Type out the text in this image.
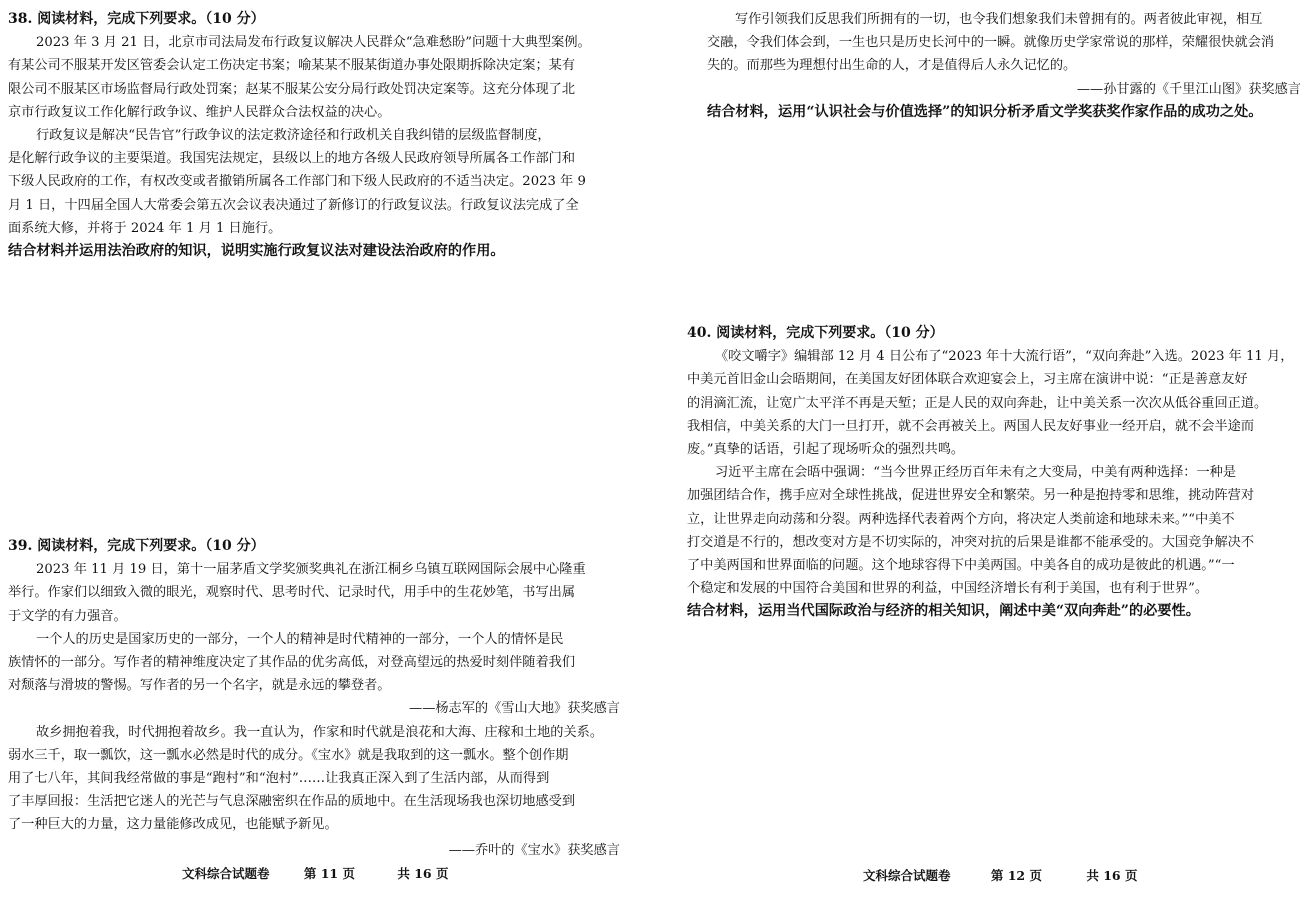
38. 阅读材料，完成下列要求。（10 分）

2023 年 3 月 21 日，北京市司法局发布行政复议解决人民群众“急难愁盼”问题十大典型案例。

有某公司不服某开发区管委会认定工伤决定书案；喻某某不服某街道办事处限期拆除决定案；某有

限公司不服某区市场监督局行政处罚案；赵某不服某公安分局行政处罚决定案等。这充分体现了北

京市行政复议工作化解行政争议、维护人民群众合法权益的决心。

行政复议是解决“民告官”行政争议的法定救济途径和行政机关自我纠错的层级监督制度，

是化解行政争议的主要渠道。我国宪法规定，县级以上的地方各级人民政府领导所属各工作部门和

下级人民政府的工作，有权改变或者撤销所属各工作部门和下级人民政府的不适当决定。2023 年 9

月 1 日，十四届全国人大常委会第五次会议表决通过了新修订的行政复议法。行政复议法完成了全

面系统大修，并将于 2024 年 1 月 1 日施行。

结合材料并运用法治政府的知识，说明实施行政复议法对建设法治政府的作用。
39. 阅读材料，完成下列要求。（10 分）

2023 年 11 月 19 日，第十一届茅盾文学奖颁奖典礼在浙江桐乡乌镇互联网国际会展中心隆重

举行。作家们以细致入微的眼光，观察时代、思考时代、记录时代，用手中的生花妙笔，书写出属

于文学的有力强音。

一个人的历史是国家历史的一部分，一个人的精神是时代精神的一部分，一个人的情怀是民

族情怀的一部分。写作者的精神维度决定了其作品的优劣高低，对登高望远的热爱时刻伴随着我们

对颓落与滑坡的警惕。写作者的另一个名字，就是永远的攀登者。

——杨志军的《雪山大地》获奖感言

故乡拥抱着我，时代拥抱着故乡。我一直认为，作家和时代就是浪花和大海、庄稼和土地的关系。

弱水三千，取一瓢饮，这一瓢水必然是时代的成分。《宝水》就是我取到的这一瓢水。整个创作期

用了七八年，其间我经常做的事是“跑村”和“泡村”……让我真正深入到了生活内部，从而得到

了丰厚回报：生活把它迷人的光芒与气息深融密织在作品的质地中。在生活现场我也深切地感受到

了一种巨大的力量，这力量能修改成见，也能赋予新见。

——乔叶的《宝水》获奖感言
文科综合试题卷	第 11 页	共 16 页

写作引领我们反思我们所拥有的一切，也令我们想象我们未曾拥有的。两者彼此审视，相互

交融，令我们体会到，一生也只是历史长河中的一瞬。就像历史学家常说的那样，荣耀很快就会消

失的。而那些为理想付出生命的人，才是值得后人永久记忆的。

——孙甘露的《千里江山图》获奖感言
结合材料，运用“认识社会与价值选择”的知识分析矛盾文学奖获奖作家作品的成功之处。
40. 阅读材料，完成下列要求。（10 分）

《咬文嚼字》编辑部 12 月 4 日公布了“2023 年十大流行语”，“双向奔赴”入选。2023 年 11 月，

中美元首旧金山会晤期间，在美国友好团体联合欢迎宴会上，习主席在演讲中说：“正是善意友好

的涓滴汇流，让宽广太平洋不再是天堑；正是人民的双向奔赴，让中美关系一次次从低谷重回正道。

我相信，中美关系的大门一旦打开，就不会再被关上。两国人民友好事业一经开启，就不会半途而

废。”真挚的话语，引起了现场听众的强烈共鸣。

习近平主席在会晤中强调：“当今世界正经历百年未有之大变局，中美有两种选择：一种是

加强团结合作，携手应对全球性挑战，促进世界安全和繁荣。另一种是抱持零和思维，挑动阵营对

立，让世界走向动荡和分裂。两种选择代表着两个方向，将决定人类前途和地球未来。”“中美不

打交道是不行的，想改变对方是不切实际的，冲突对抗的后果是谁都不能承受的。大国竞争解决不

了中美两国和世界面临的问题。这个地球容得下中美两国。中美各自的成功是彼此的机遇。”“一

个稳定和发展的中国符合美国和世界的利益，中国经济增长有利于美国，也有利于世界”。

结合材料，运用当代国际政治与经济的相关知识，阐述中美“双向奔赴”的必要性。
文科综合试题卷	第 12 页	共 16 页
